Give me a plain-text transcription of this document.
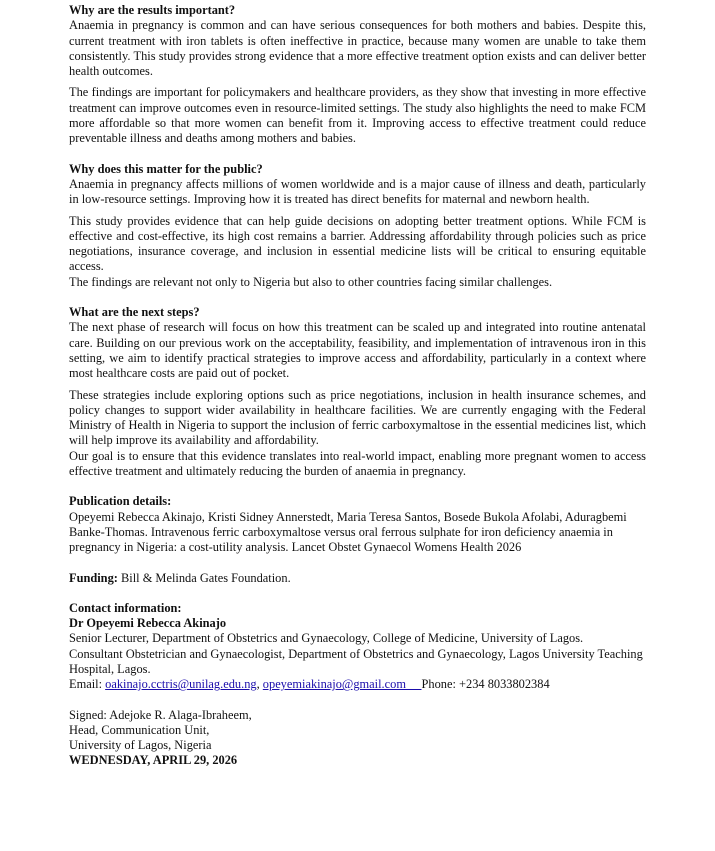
Why are the results important?

Anaemia in pregnancy is common and can have serious consequences for both mothers and babies. Despite this, current treatment with iron tablets is often ineffective in practice, because many women are unable to take them consistently. This study provides strong evidence that a more effective treatment option exists and can deliver better health outcomes.

The findings are important for policymakers and healthcare providers, as they show that investing in more effective treatment can improve outcomes even in resource-limited settings. The study also highlights the need to make FCM more affordable so that more women can benefit from it. Improving access to effective treatment could reduce preventable illness and deaths among mothers and babies.

Why does this matter for the public?

Anaemia in pregnancy affects millions of women worldwide and is a major cause of illness and death, particularly in low-resource settings. Improving how it is treated has direct benefits for maternal and newborn health.

This study provides evidence that can help guide decisions on adopting better treatment options. While FCM is effective and cost-effective, its high cost remains a barrier. Addressing affordability through policies such as price negotiations, insurance coverage, and inclusion in essential medicine lists will be critical to ensuring equitable access.

The findings are relevant not only to Nigeria but also to other countries facing similar challenges.

What are the next steps?

The next phase of research will focus on how this treatment can be scaled up and integrated into routine antenatal care. Building on our previous work on the acceptability, feasibility, and implementation of intravenous iron in this setting, we aim to identify practical strategies to improve access and affordability, particularly in a context where most healthcare costs are paid out of pocket.

These strategies include exploring options such as price negotiations, inclusion in health insurance schemes, and policy changes to support wider availability in healthcare facilities. We are currently engaging with the Federal Ministry of Health in Nigeria to support the inclusion of ferric carboxymaltose in the essential medicines list, which will help improve its availability and affordability.

Our goal is to ensure that this evidence translates into real-world impact, enabling more pregnant women to access effective treatment and ultimately reducing the burden of anaemia in pregnancy.

Publication details:

Opeyemi Rebecca Akinajo, Kristi Sidney Annerstedt, Maria Teresa Santos, Bosede Bukola Afolabi, Aduragbemi Banke-Thomas. Intravenous ferric carboxymaltose versus oral ferrous sulphate for iron deficiency anaemia in pregnancy in Nigeria: a cost-utility analysis. Lancet Obstet Gynaecol Womens Health 2026

Funding: Bill & Melinda Gates Foundation.

Contact information:

Dr Opeyemi Rebecca Akinajo

Senior Lecturer, Department of Obstetrics and Gynaecology, College of Medicine, University of Lagos.

Consultant Obstetrician and Gynaecologist, Department of Obstetrics and Gynaecology, Lagos University Teaching Hospital, Lagos.

Email: oakinajo.cctris@unilag.edu.ng, opeyemiakinajo@gmail.com Phone: +234 8033802384

Signed: Adejoke R. Alaga-Ibraheem,

Head, Communication Unit,

University of Lagos, Nigeria

WEDNESDAY, APRIL 29, 2026
